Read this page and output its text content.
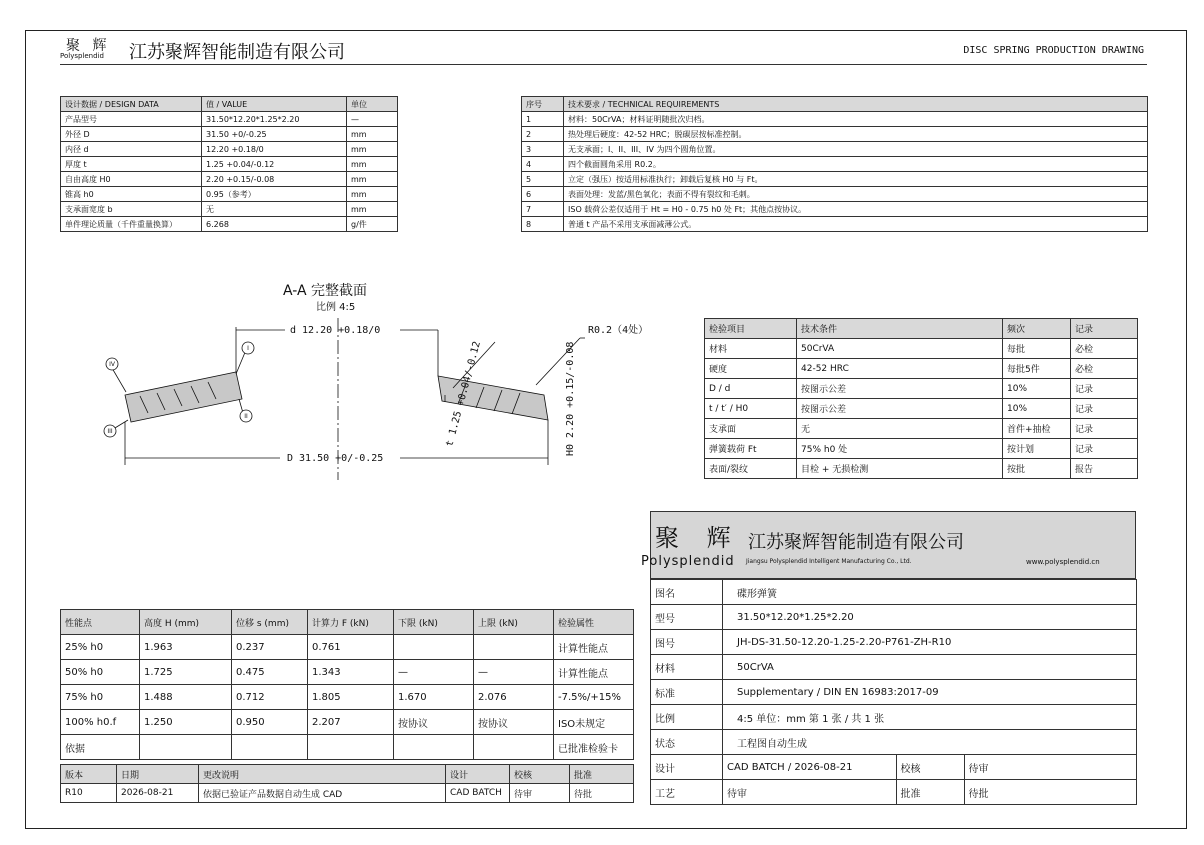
聚 辉
Polysplendid 江苏聚辉智能制造有限公司	DISC SPRING PRODUCTION DRAWING
设计数据 / DESIGN DATA	值 / VALUE	单位
产品型号	31.50*12.20*1.25*2.20	—
外径 D	31.50 +0/-0.25	mm
内径 d	12.20 +0.18/0	mm
厚度 t	1.25 +0.04/-0.12	mm
自由高度 H0	2.20 +0.15/-0.08	mm
锥高 h0	0.95（参考）	mm
支承面宽度 b	无	mm
单件理论质量（千件重量换算）	6.268	g/件
序号	技术要求 / TECHNICAL REQUIREMENTS
1	材料：50CrVA；材料证明随批次归档。
2	热处理后硬度：42-52 HRC；脱碳层按标准控制。
3	无支承面；I、II、III、IV 为四个圆角位置。
4	四个截面圆角采用 R0.2。
5	立定（强压）按适用标准执行；卸载后复核 H0 与 Ft。
6	表面处理：发蓝/黑色氧化；表面不得有裂纹和毛刺。
7	ISO 载荷公差仅适用于 Ht = H0 - 0.75 h0 处 Ft；其他点按协议。
8	普通 t 产品不采用支承面减薄公式。
A-A 完整截面
比例 4:5
IV
III
I
II
d 12.20 +0.18/0
D 31.50 +0/-0.25
R0.2（4处）
t 1.25 +0.04/-0.12	H0 2.20 +0.15/-0.08
检验项目	技术条件	频次	记录
材料	50CrVA	每批	必检
硬度	42-52 HRC	每批5件	必检
D / d	按图示公差	10%	记录
t / t′ / H0	按图示公差	10%	记录
支承面	无	首件+抽检	记录
弹簧载荷 Ft	75% h0 处	按计划	记录
表面/裂纹	目检 + 无损检测	按批	报告
聚 辉 江苏聚辉智能制造有限公司
Polysplendid Jiangsu Polysplendid Intelligent Manufacturing Co., Ltd.	www.polysplendid.cn
图名	碟形弹簧
型号	31.50*12.20*1.25*2.20
图号	JH-DS-31.50-12.20-1.25-2.20-P761-ZH-R10
材料	50CrVA
标准	Supplementary / DIN EN 16983:2017-09
比例	4:5 单位：mm 第 1 张 / 共 1 张
状态	工程图自动生成
设计		CAD BATCH / 2026-08-21	校核	待审

工艺		待审	批准	待批
性能点	高度 H (mm)	位移 s (mm)	计算力 F (kN)	下限 (kN)	上限 (kN)	检验属性
25% h0	1.963	0.237	0.761			计算性能点
50% h0	1.725	0.475	1.343	—	—	计算性能点
75% h0	1.488	0.712	1.805	1.670	2.076	-7.5%/+15%
100% h0.f	1.250	0.950	2.207	按协议	按协议	ISO未规定
依据						已批准检验卡
版本	日期	更改说明	设计	校核	批准
R10	2026-08-21	依据已验证产品数据自动生成 CAD	CAD BATCH	待审	待批
